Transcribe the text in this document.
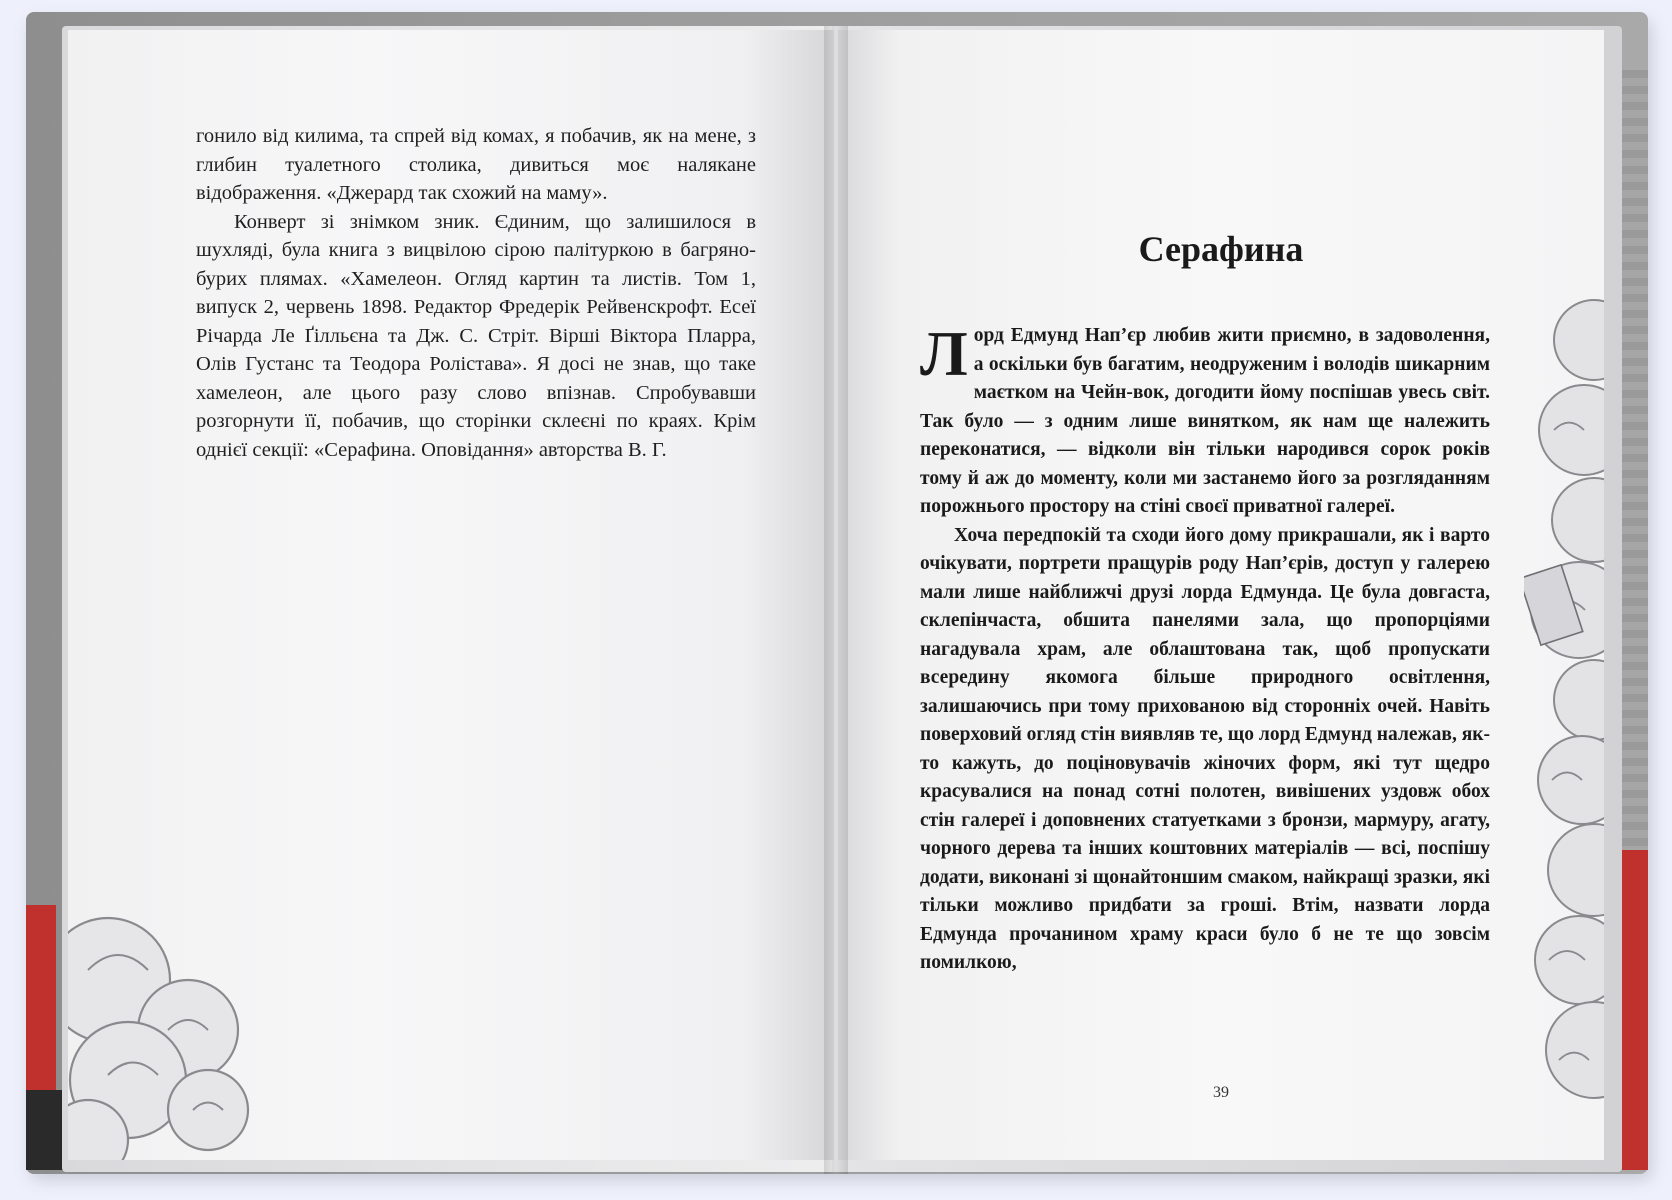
гонило від килима, та спрей від комах, я побачив, як на мене, з глибин туалетного столика, дивиться моє налякане відображення. «Джерард так схожий на маму».

Конверт зі знімком зник. Єдиним, що залишилося в шухляді, була книга з вицвілою сірою палітуркою в багряно-бурих плямах. «Хамелеон. Огляд картин та листів. Том 1, випуск 2, червень 1898. Редактор Фредерік Рейвенскрофт. Есеї Річарда Ле Ґілльєна та Дж. С. Стріт. Вірші Віктора Пларра, Олів Густанс та Теодора Ролістава». Я досі не знав, що таке хамелеон, але цього разу слово впізнав. Спробувавши розгорнути її, побачив, що сторінки склеєні по краях. Крім однієї секції: «Серафина. Оповідання» авторства В. Г.

Серафина

Лорд Едмунд Нап’єр любив жити приємно, в задоволення, а оскільки був багатим, неодруженим і володів шикарним маєтком на Чейн-вок, догодити йому поспішав увесь світ. Так було — з одним лише винятком, як нам ще належить переконатися, — відколи він тільки народився сорок років тому й аж до моменту, коли ми застанемо його за розгляданням порожнього простору на стіні своєї приватної галереї.

Хоча передпокій та сходи його дому прикрашали, як і варто очікувати, портрети пращурів роду Нап’єрів, доступ у галерею мали лише найближчі друзі лорда Едмунда. Це була довгаста, склепінчаста, обшита панелями зала, що пропорціями нагадувала храм, але облаштована так, щоб пропускати всередину якомога більше природного освітлення, залишаючись при тому прихованою від сторонніх очей. Навіть поверховий огляд стін виявляв те, що лорд Едмунд належав, як-то кажуть, до поціновувачів жіночих форм, які тут щедро красувалися на понад сотні полотен, вивішених уздовж обох стін галереї і доповнених статуетками з бронзи, мармуру, агату, чорного дерева та інших коштовних матеріалів — всі, поспішу додати, виконані зі щонайтоншим смаком, найкращі зразки, які тільки можливо придбати за гроші. Втім, назвати лорда Едмунда прочанином храму краси було б не те що зовсім помилкою,

39
